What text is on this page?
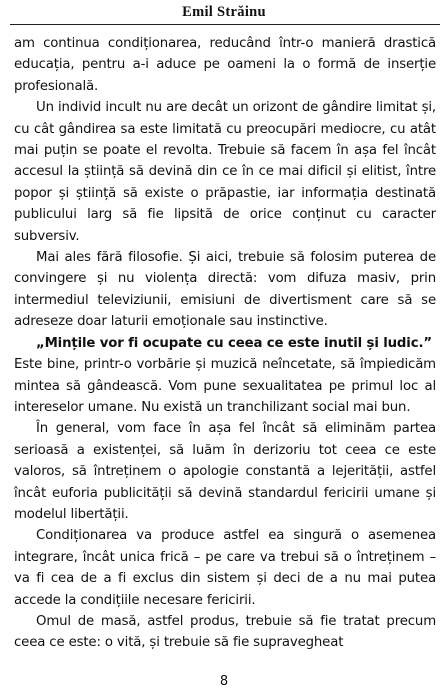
Emil Străinu

am continua condiționarea, reducând într-o manieră drastică educația, pentru a-i aduce pe oameni la o formă de inserție profesională.

Un individ incult nu are decât un orizont de gândire limitat și, cu cât gândirea sa este limitată cu preocupări mediocre, cu atât mai puțin se poate el revolta. Trebuie să facem în așa fel încât accesul la știință să devină din ce în ce mai dificil și elitist, între popor și știință să existe o prăpastie, iar informația destinată publicului larg să fie lipsită de orice conținut cu caracter subversiv.

Mai ales fără filosofie. Și aici, trebuie să folosim puterea de convingere și nu violența directă: vom difuza masiv, prin intermediul televiziunii, emisiuni de divertisment care să se adreseze doar laturii emoționale sau instinctive.

„Mințile vor fi ocupate cu ceea ce este inutil și ludic.”

Este bine, printr-o vorbărie și muzică neîncetate, să împiedicăm mintea să gândească. Vom pune sexualitatea pe primul loc al intereselor umane. Nu există un tranchilizant social mai bun.

În general, vom face în așa fel încât să eliminăm partea serioasă a existenței, să luăm în derizoriu tot ceea ce este valoros, să întreținem o apologie constantă a lejerității, astfel încât euforia publicității să devină standardul fericirii umane și modelul libertății.

Condiționarea va produce astfel ea singură o asemenea integrare, încât unica frică – pe care va trebui să o întreținem – va fi cea de a fi exclus din sistem și deci de a nu mai putea accede la condițiile necesare fericirii.

Omul de masă, astfel produs, trebuie să fie tratat precum ceea ce este: o vită, și trebuie să fie supravegheat

8
